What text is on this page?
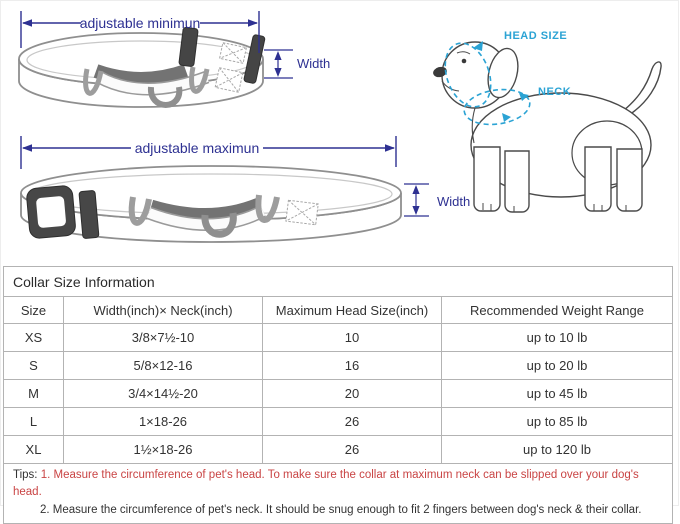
adjustable minimun
Width
adjustable maximun
Width
HEAD SIZE
NECK
Collar Size Information			
Size	Width(inch)× Neck(inch)	Maximum Head Size(inch)	Recommended Weight Range
XS	3/8×7½-10	10	up to 10 lb
S	5/8×12-16	16	up to 20 lb
M	3/4×14½-20	20	up to 45 lb
L	1×18-26	26	up to 85 lb
XL	1½×18-26	26	up to 120 lb

Tips: 1. Measure the circumference of pet's head. To make sure the collar at maximum neck can be slipped over your dog's head.
2. Measure the circumference of pet's neck. It should be snug enough to fit 2 fingers between dog's neck & their collar.			
